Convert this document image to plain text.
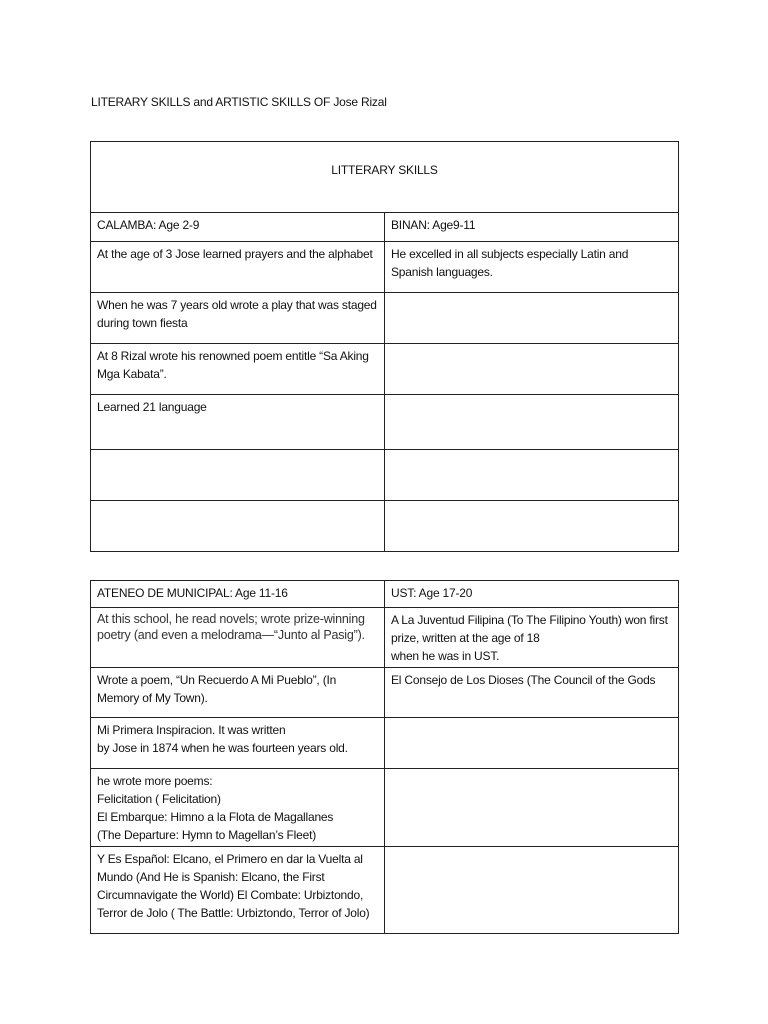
LITERARY SKILLS and ARTISTIC SKILLS OF Jose Rizal
LITTERARY SKILLS	
CALAMBA: Age 2-9	BINAN: Age9-11
At the age of 3 Jose learned prayers and the alphabet	He excelled in all subjects especially Latin and Spanish languages.
When he was 7 years old wrote a play that was staged during town fiesta	
At 8 Rizal wrote his renowned poem entitle “Sa Aking Mga Kabata”.	
Learned 21 language	

ATENEO DE MUNICIPAL: Age 11-16	UST: Age 17-20
At this school, he read novels; wrote prize-winning poetry (and even a melodrama—“Junto al Pasig”).	A La Juventud Filipina (To The Filipino Youth) won first prize, written at the age of 18
when he was in UST.
Wrote a poem, “Un Recuerdo A Mi Pueblo”, (In Memory of My Town).	El Consejo de Los Dioses (The Council of the Gods
Mi Primera Inspiracion. It was written
by Jose in 1874 when he was fourteen years old.	
he wrote more poems:
Felicitation ( Felicitation)
El Embarque: Himno a la Flota de Magallanes
(The Departure: Hymn to Magellan’s Fleet)	
Y Es Español: Elcano, el Primero en dar la Vuelta al Mundo (And He is Spanish: Elcano, the First Circumnavigate the World) El Combate: Urbiztondo, Terror de Jolo ( The Battle: Urbiztondo, Terror of Jolo)	
